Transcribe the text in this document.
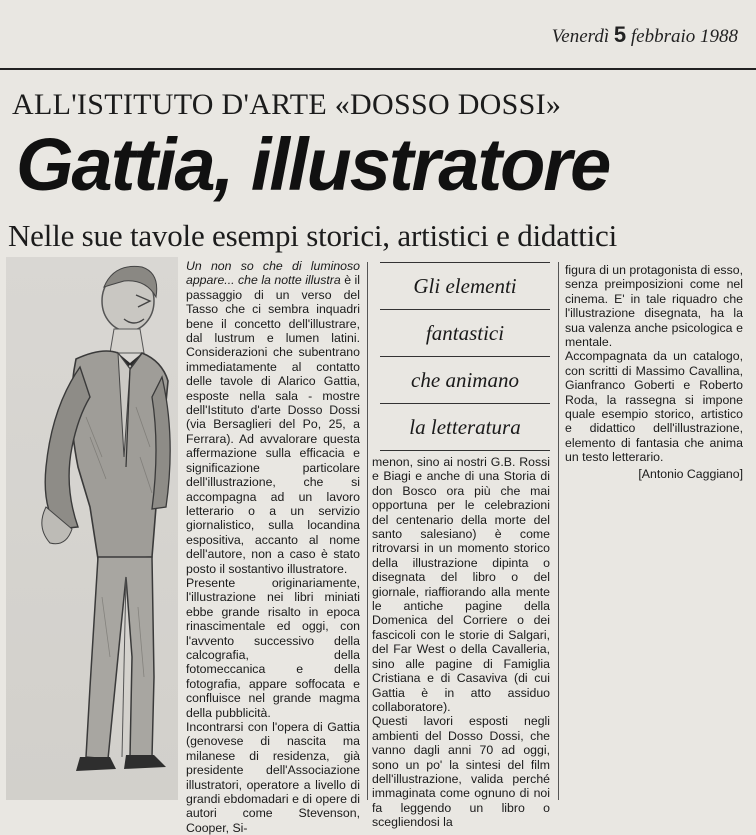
Venerdì 5 febbraio 1988
ALL'ISTITUTO D'ARTE «DOSSO DOSSI»
Gattia, illustratore
Nelle sue tavole esempi storici, artistici e didattici

Un non so che di luminoso appare... che la notte illustra è il passaggio di un verso del Tasso che ci sembra inquadri bene il concetto dell'illustrare, dal lustrum e lumen latini. Considerazioni che subentrano immediatamente al contatto delle tavole di Alarico Gattia, esposte nella sala - mostre dell'Istituto d'arte Dosso Dossi (via Bersaglieri del Po, 25, a Ferrara). Ad avvalorare questa affermazione sulla efficacia e significazione particolare dell'illustrazione, che si accompagna ad un lavoro letterario o a un servizio giornalistico, sulla locandina espositiva, accanto al nome dell'autore, non a caso è stato posto il sostantivo illustratore.

Presente originariamente, l'illustrazione nei libri miniati ebbe grande risalto in epoca rinascimentale ed oggi, con l'avvento successivo della calcografia, della fotomeccanica e della fotografia, appare soffocata e confluisce nel grande magma della pubblicità.

Incontrarsi con l'opera di Gattia (genovese di nascita ma milanese di residenza, già presidente dell'Associazione illustratori, operatore a livello di grandi ebdomadari e di opere di autori come Stevenson, Cooper, Si-

Gli elementi
fantastici
che animano
la letteratura

menon, sino ai nostri G.B. Rossi e Biagi e anche di una Storia di don Bosco ora più che mai opportuna per le celebrazioni del centenario della morte del santo salesiano) è come ritrovarsi in un momento storico della illustrazione dipinta o disegnata del libro o del giornale, riaffiorando alla mente le antiche pagine della Domenica del Corriere o dei fascicoli con le storie di Salgari, del Far West o della Cavalleria, sino alle pagine di Famiglia Cristiana e di Casaviva (di cui Gattia è in atto assiduo collaboratore).

Questi lavori esposti negli ambienti del Dosso Dossi, che vanno dagli anni 70 ad oggi, sono un po' la sintesi del film dell'illustrazione, valida perché immaginata come ognuno di noi fa leggendo un libro o scegliendosi la

figura di un protagonista di esso, senza preimposizioni come nel cinema. E' in tale riquadro che l'illustrazione disegnata, ha la sua valenza anche psicologica e mentale.

Accompagnata da un catalogo, con scritti di Massimo Cavallina, Gianfranco Goberti e Roberto Roda, la rassegna si impone quale esempio storico, artistico e didattico dell'illustrazione, elemento di fantasia che anima un testo letterario.

[Antonio Caggiano]
